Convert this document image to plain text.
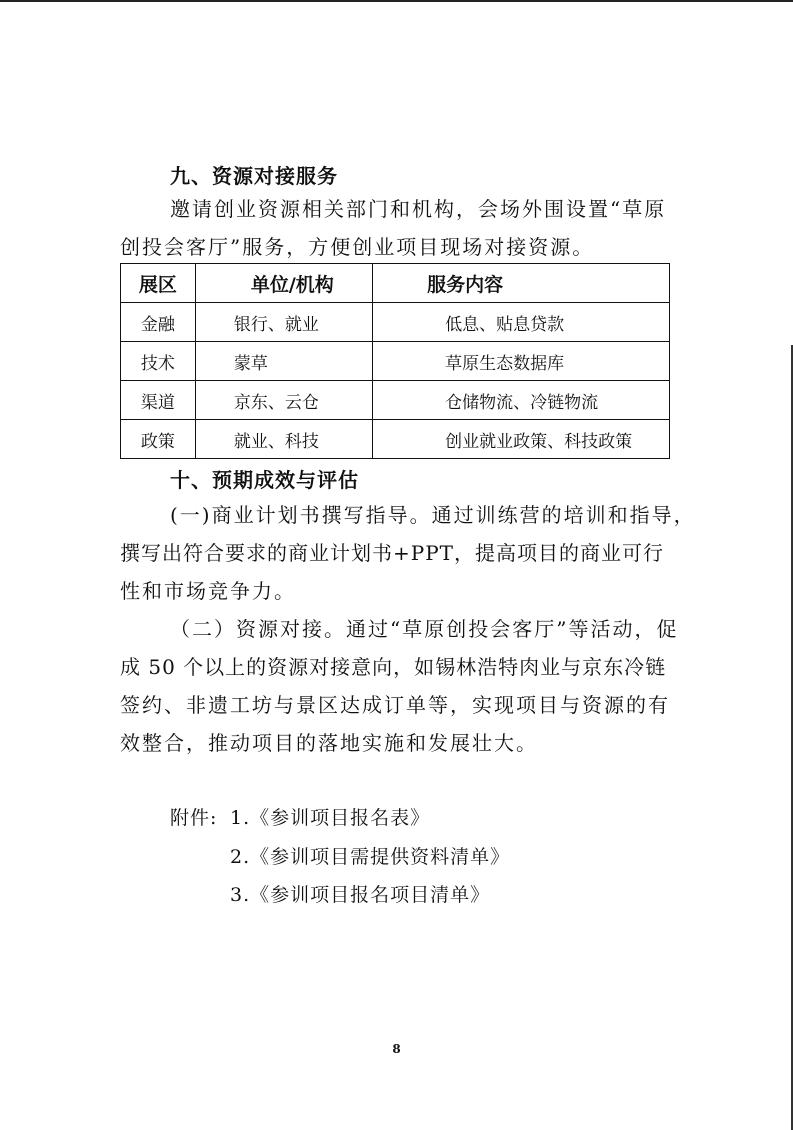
九、资源对接服务
邀请创业资源相关部门和机构，会场外围设置“草原
创投会客厅”服务，方便创业项目现场对接资源。
展区	单位/机构	服务内容
金融	银行、就业	低息、贴息贷款
技术	蒙草	草原生态数据库
渠道	京东、云仓	仓储物流、冷链物流
政策	就业、科技	创业就业政策、科技政策
十、预期成效与评估
(一)商业计划书撰写指导。通过训练营的培训和指导，
撰写出符合要求的商业计划书+PPT，提高项目的商业可行
性和市场竞争力。
（二）资源对接。通过“草原创投会客厅”等活动，促
成 50 个以上的资源对接意向，如锡林浩特肉业与京东冷链
签约、非遗工坊与景区达成订单等，实现项目与资源的有
效整合，推动项目的落地实施和发展壮大。
附件: 1.《参训项目报名表》
2.《参训项目需提供资料清单》
3.《参训项目报名项目清单》
8
